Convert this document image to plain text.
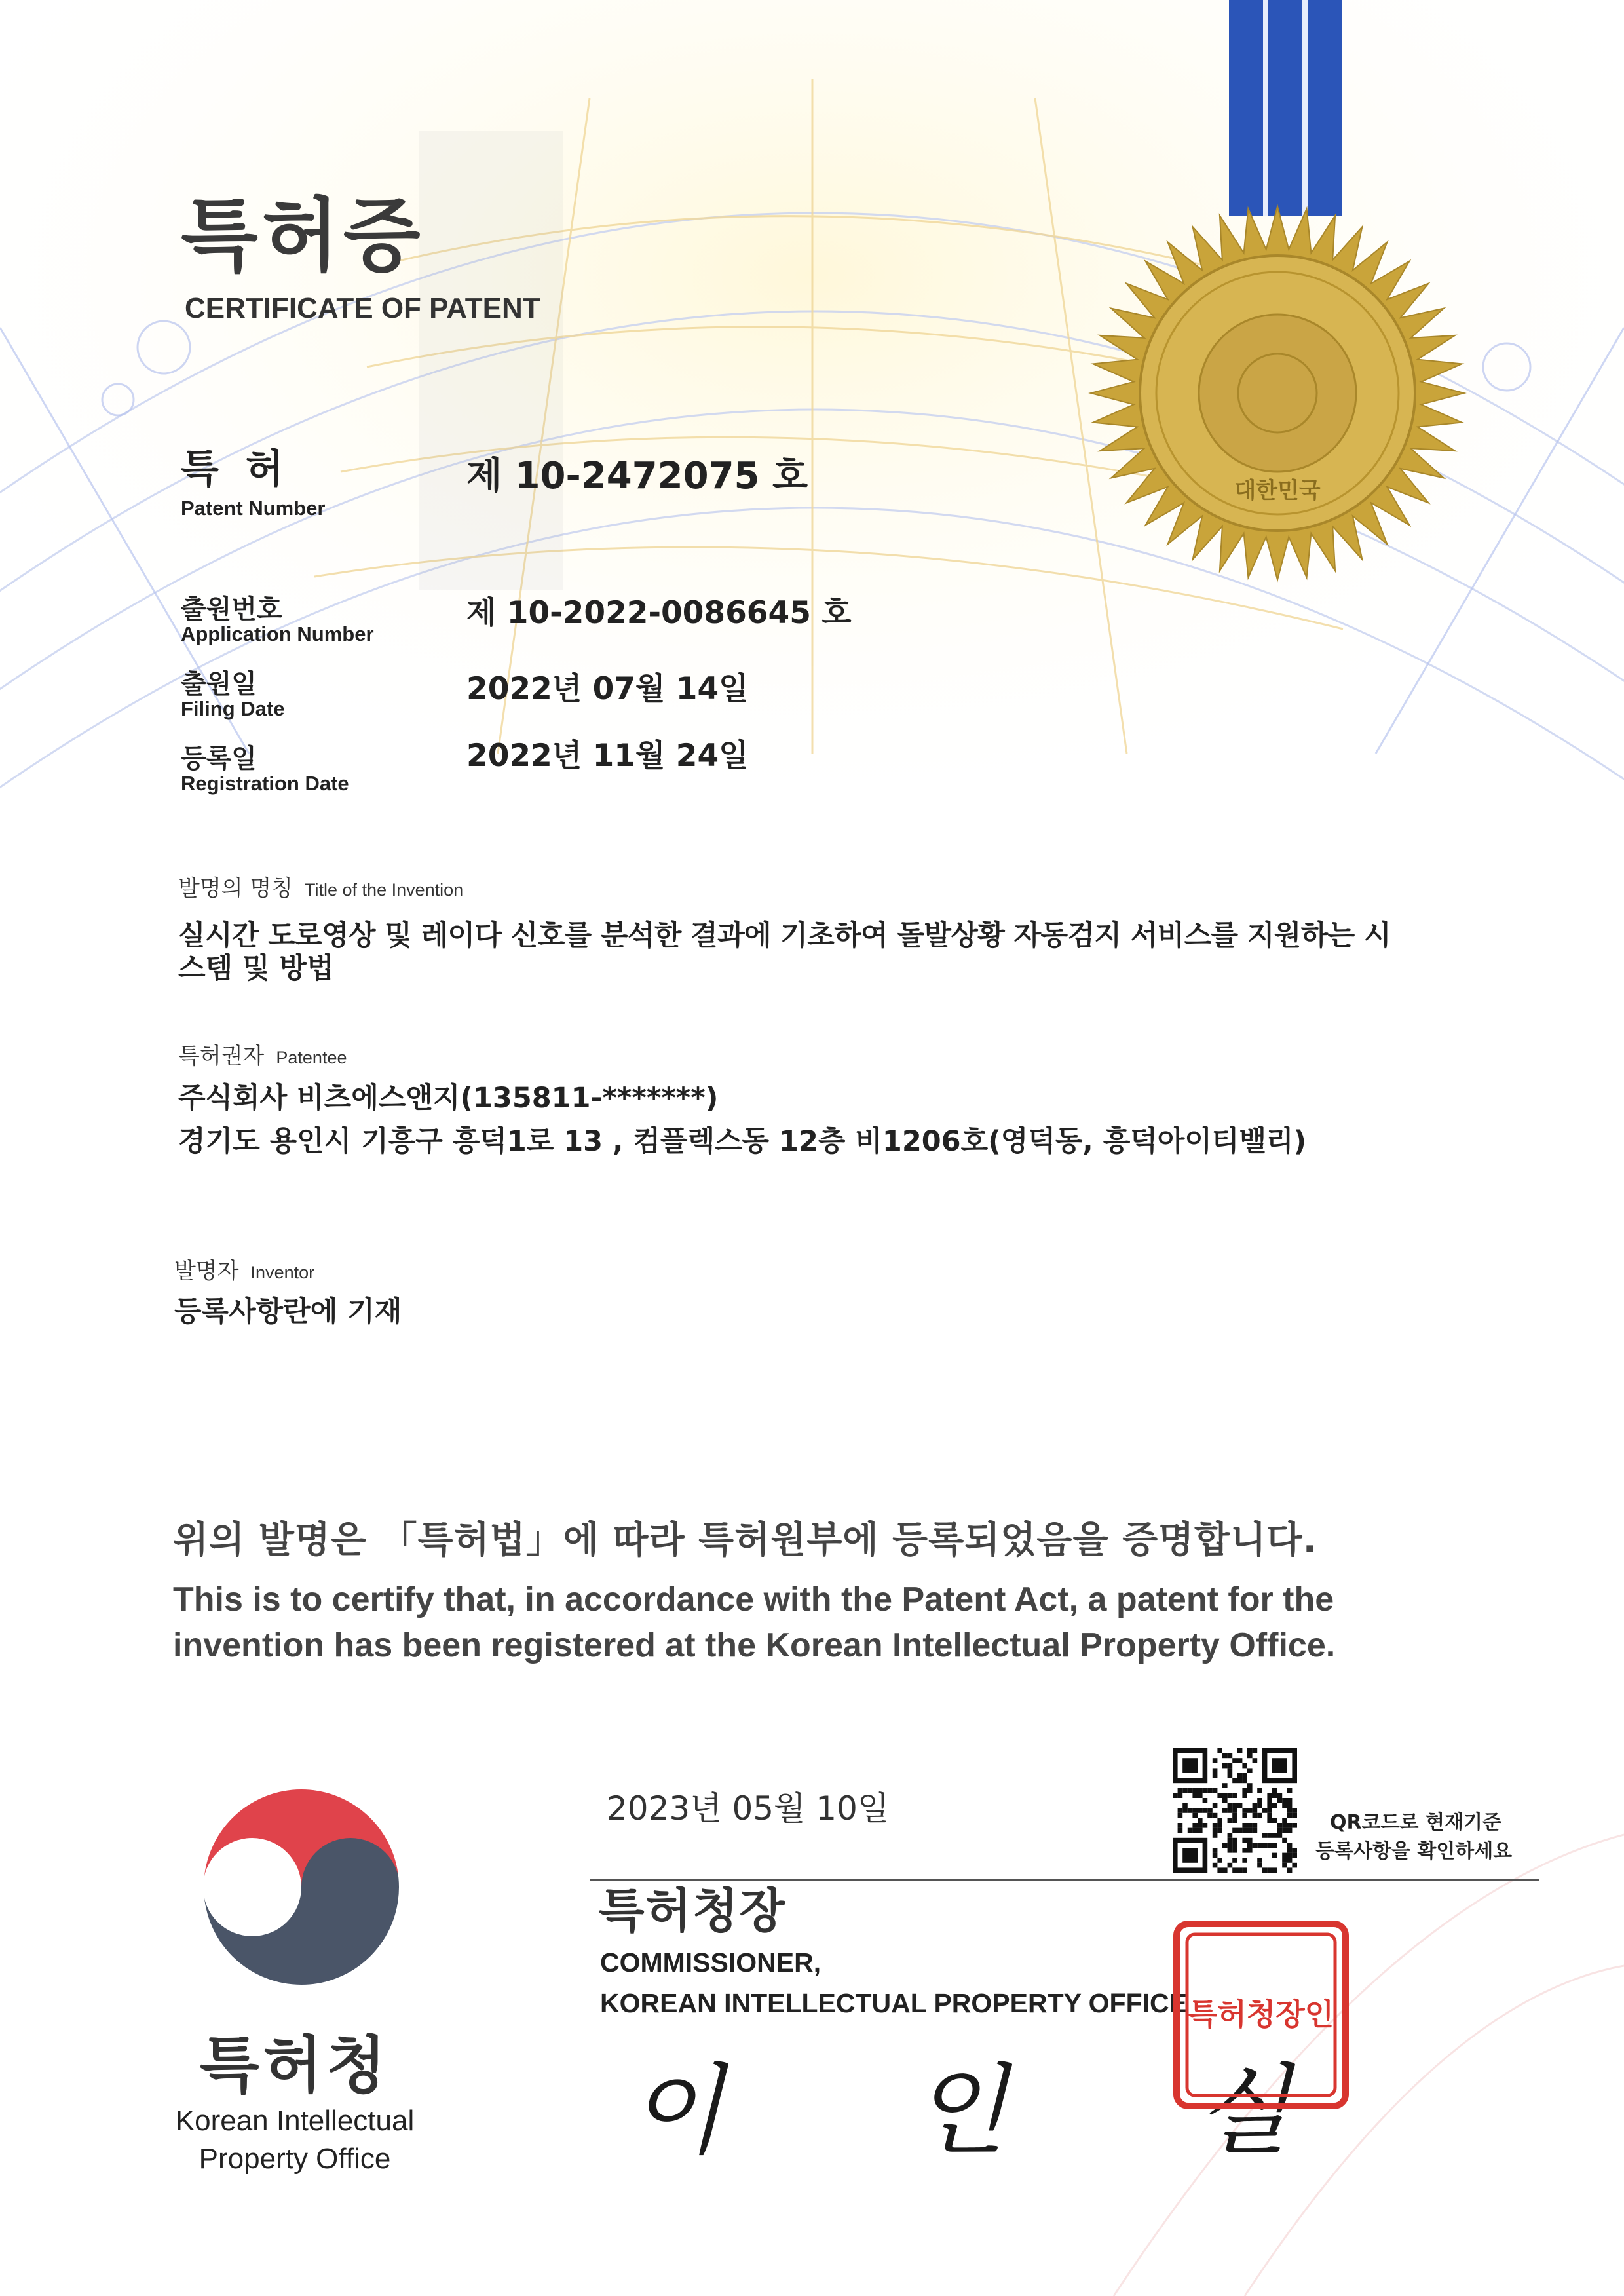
대한민국
특허증
CERTIFICATE OF PATENT
특 허
Patent Number
제 10-2472075 호
출원번호
Application Number
제 10-2022-0086645 호
출원일
Filing Date
2022년 07월 14일
등록일
Registration Date
2022년 11월 24일
발명의 명칭 Title of the Invention
실시간 도로영상 및 레이다 신호를 분석한 결과에 기초하여 돌발상황 자동검지 서비스를 지원하는 시
스템 및 방법
특허권자 Patentee
주식회사 비츠에스앤지(135811-*******)
경기도 용인시 기흥구 흥덕1로 13 , 컴플렉스동 12층 비1206호(영덕동, 흥덕아이티밸리)
발명자 Inventor
등록사항란에 기재
위의 발명은 「특허법」에 따라 특허원부에 등록되었음을 증명합니다.
This is to certify that, in accordance with the Patent Act, a patent for the
invention has been registered at the Korean Intellectual Property Office.
2023년 05월 10일	QR코드로 현재기준
등록사항을 확인하세요
특허청장
COMMISSIONER,
KOREAN INTELLECTUAL PROPERTY OFFICE
이 인 실
특허청장인
특허청
Korean Intellectual
Property Office
